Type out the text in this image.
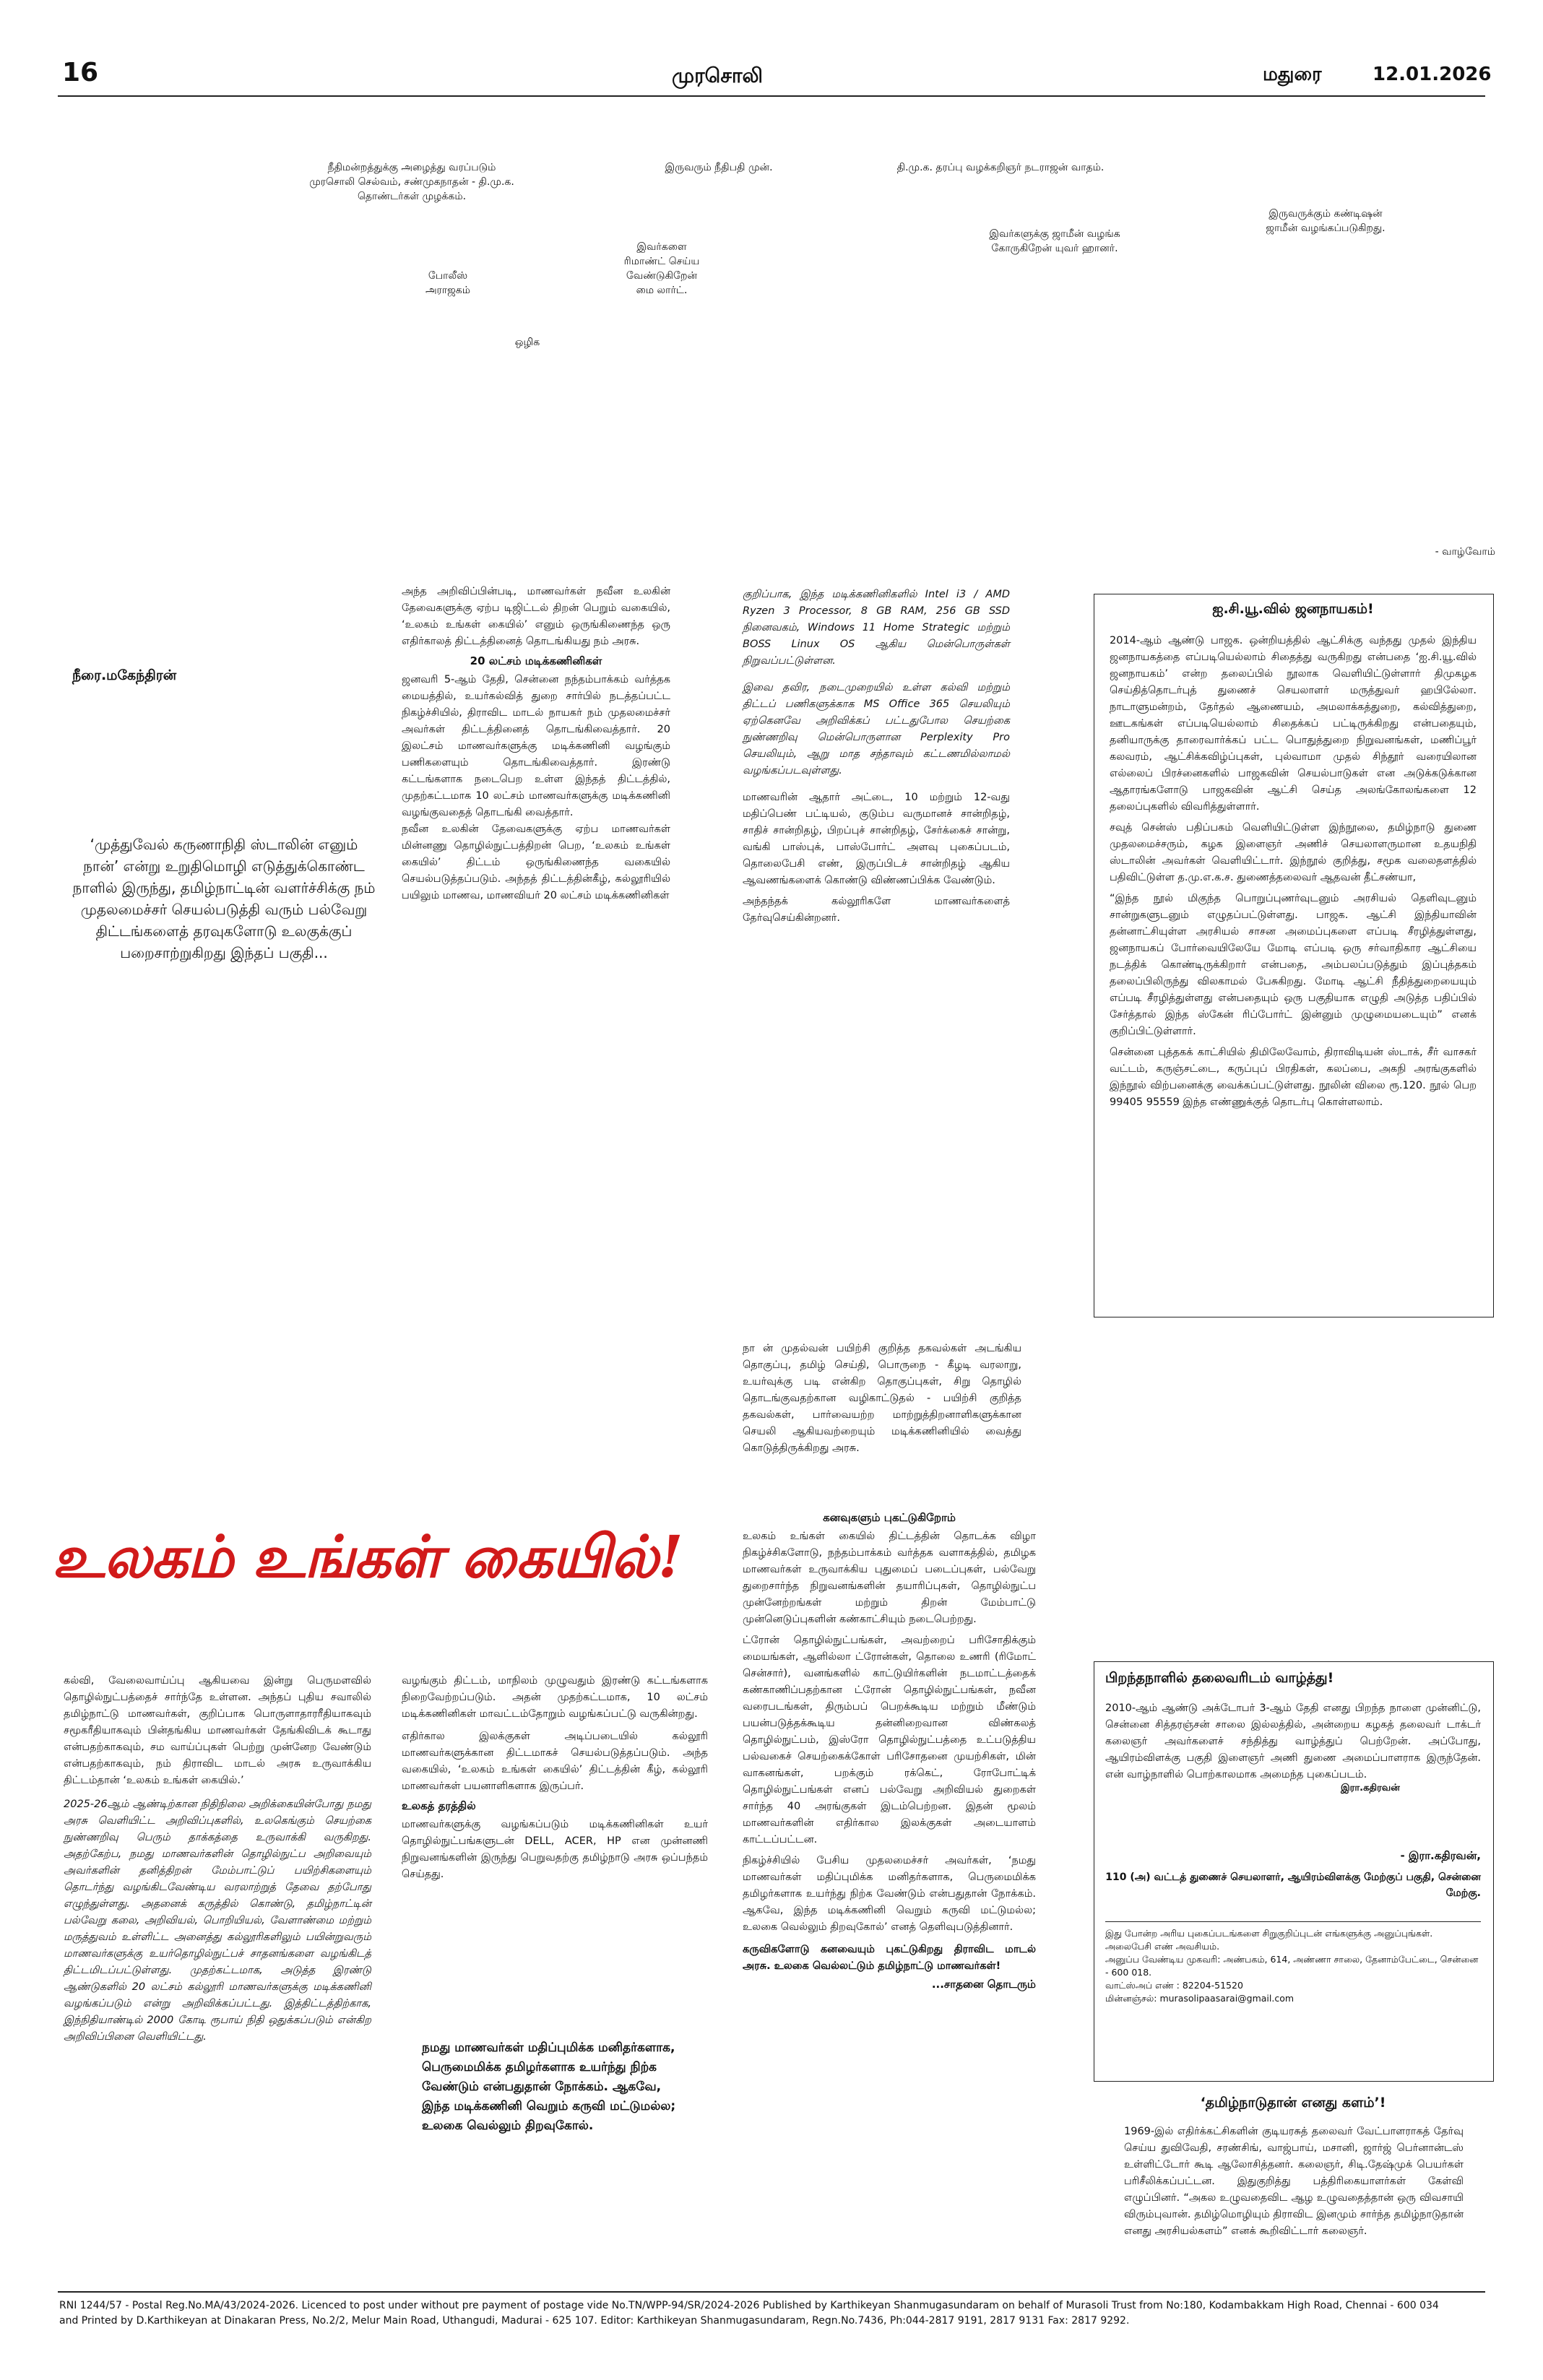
16	முரசொலி	மதுரை	12.01.2026
நீதிமன்றத்துக்கு அழைத்து வரப்படும் முரசொலி செல்வம், சண்முகநாதன் - தி.மு.க. தொண்டர்கள் முழக்கம்.
இருவரும் நீதிபதி முன்.	தி.மு.க. தரப்பு வழக்கறிஞர் நடராஜன் வாதம்.
இருவருக்கும் கண்டிஷன் ஜாமீன் வழங்கப்படுகிறது.
இவர்களுக்கு ஜாமீன் வழங்க கோருகிறேன் யுவர் ஹானர்.
இவர்களை ரிமாண்ட் செய்ய வேண்டுகிறேன் மை லார்ட்.
போலீஸ் அராஜகம்
ஒழிக
- வாழ்வோம்
நீரை.மகேந்திரன்
‘முத்துவேல் கருணாநிதி ஸ்டாலின் எனும் நான்’ என்று உறுதிமொழி எடுத்துக்கொண்ட நாளில் இருந்து, தமிழ்நாட்டின் வளர்ச்சிக்கு நம் முதலமைச்சர் செயல்படுத்தி வரும் பல்வேறு திட்டங்களைத் தரவுகளோடு உலகுக்குப் பறைசாற்றுகிறது இந்தப் பகுதி...
அந்த அறிவிப்பின்படி, மாணவர்கள் நவீன உலகின் தேவைகளுக்கு ஏற்ப டிஜிட்டல் திறன் பெறும் வகையில், ‘உலகம் உங்கள் கையில்’ எனும் ஒருங்கிணைந்த ஒரு எதிர்காலத் திட்டத்தினைத் தொடங்கியது நம் அரசு.
20 லட்சம் மடிக்கணினிகள்
ஜனவரி 5-ஆம் தேதி, சென்னை நந்தம்பாக்கம் வர்த்தக மையத்தில், உயர்கல்வித் துறை சார்பில் நடத்தப்பட்ட நிகழ்ச்சியில், திராவிட மாடல் நாயகர் நம் முதலமைச்சர் அவர்கள் திட்டத்தினைத் தொடங்கிவைத்தார். 20 இலட்சம் மாணவர்களுக்கு மடிக்கணினி வழங்கும் பணிகளையும் தொடங்கிவைத்தார். இரண்டு கட்டங்களாக நடைபெற உள்ள இந்தத் திட்டத்தில், முதற்கட்டமாக 10 லட்சம் மாணவர்களுக்கு மடிக்கணினி வழங்குவதைத் தொடங்கி வைத்தார்.
நவீன உலகின் தேவைகளுக்கு ஏற்ப மாணவர்கள் மின்னணு தொழில்நுட்பத்திறன் பெற, ‘உலகம் உங்கள் கையில்’ திட்டம் ஒருங்கிணைந்த வகையில் செயல்படுத்தப்படும். அந்தத் திட்டத்தின்கீழ், கல்லூரியில் பயிலும் மாணவ, மாணவியர் 20 லட்சம் மடிக்கணினிகள்
குறிப்பாக, இந்த மடிக்கணினிகளில் Intel i3 / AMD Ryzen 3 Processor, 8 GB RAM, 256 GB SSD நினைவகம், Windows 11 Home Strategic மற்றும் BOSS Linux OS ஆகிய மென்பொருள்கள் நிறுவப்பட்டுள்ளன.
இவை தவிர, நடைமுறையில் உள்ள கல்வி மற்றும் திட்டப் பணிகளுக்காக MS Office 365 செயலியும் ஏற்கெனவே அறிவிக்கப் பட்டதுபோல செயற்கை நுண்ணறிவு மென்பொருளான Perplexity Pro செயலியும், ஆறு மாத சந்தாவும் கட்டணமில்லாமல் வழங்கப்படவுள்ளது.
மாணவரின் ஆதார் அட்டை, 10 மற்றும் 12-வது மதிப்பெண் பட்டியல், குடும்ப வருமானச் சான்றிதழ், சாதிச் சான்றிதழ், பிறப்புச் சான்றிதழ், சேர்க்கைச் சான்று, வங்கி பாஸ்புக், பாஸ்போர்ட் அளவு புகைப்படம், தொலைபேசி எண், இருப்பிடச் சான்றிதழ் ஆகிய ஆவணங்களைக் கொண்டு விண்ணப்பிக்க வேண்டும்.
அந்தந்தக் கல்லூரிகளே மாணவர்களைத் தேர்வுசெய்கின்றனர்.
ஐ.சி.யூ.வில் ஜனநாயகம்!
2014-ஆம் ஆண்டு பாஜக. ஒன்றியத்தில் ஆட்சிக்கு வந்தது முதல் இந்திய ஜனநாயகத்தை எப்படியெல்லாம் சிதைத்து வருகிறது என்பதை ‘ஐ.சி.யூ.வில் ஜனநாயகம்’ என்ற தலைப்பில் நூலாக வெளியிட்டுள்ளார் திமுகழக செய்தித்தொடர்புத் துணைச் செயலாளர் மருத்துவர் ஹபிலே்லா. நாடாளுமன்றம், தேர்தல் ஆணையம், அமலாக்கத்துறை, கல்வித்துறை, ஊடகங்கள் எப்படியெல்லாம் சிதைக்கப் பட்டிருக்கிறது என்பதையும், தனியாருக்கு தாரைவார்க்கப் பட்ட பொதுத்துறை நிறுவனங்கள், மணிப்பூர் கலவரம், ஆட்சிக்கவிழ்ப்புகள், புல்வாமா முதல் சிந்தூர் வரையிலான எல்லைப் பிரச்னைகளில் பாஜகவின் செயல்பாடுகள் என அடுக்கடுக்கான ஆதாரங்களோடு பாஜகவின் ஆட்சி செய்த அலங்கோலங்களை 12 தலைப்புகளில் விவரித்துள்ளார்.
சவுத் சென்ஸ் பதிப்பகம் வெளியிட்டுள்ள இந்நூலை, தமிழ்நாடு துணை முதலமைச்சரும், கழக இளைஞர் அணிச் செயலாளருமான உதயநிதி ஸ்டாலின் அவர்கள் வெளியிட்டார். இந்நூல் குறித்து, சமூக வலைதளத்தில் பதிவிட்டுள்ள த.மு.எ.க.ச. துணைத்தலைவர் ஆதவன் தீட்சண்யா,
“இந்த நூல் மிகுந்த பொறுப்புணர்வுடனும் அரசியல் தெளிவுடனும் சான்றுகளுடனும் எழுதப்பட்டுள்ளது. பாஜக. ஆட்சி இந்தியாவின் தன்னாட்சியுள்ள அரசியல் சாசன அமைப்புகளை எப்படி சீரழித்துள்ளது, ஜனநாயகப் போர்வையிலேயே மோடி எப்படி ஒரு சர்வாதிகார ஆட்சியை நடத்திக் கொண்டிருக்கிறார் என்பதை, அம்பலப்படுத்தும் இப்புத்தகம் தலைப்பிலிருந்து விலகாமல் பேசுகிறது. மோடி ஆட்சி நீதித்துறையையும் எப்படி சீரழித்துள்ளது என்பதையும் ஒரு பகுதியாக எழுதி அடுத்த பதிப்பில் சேர்த்தால் இந்த ஸ்கேன் ரிப்போர்ட் இன்னும் முழுமையடையும்” எனக் குறிப்பிட்டுள்ளார்.
சென்னை புத்தகக் காட்சியில் திமிலேவோம், திராவிடியன் ஸ்டாக், சீர் வாசகர் வட்டம், கருஞ்சட்டை, கருப்புப் பிரதிகள், கலப்பை, அகநி அரங்குகளில் இந்நூல் விற்பனைக்கு வைக்கப்பட்டுள்ளது. நூலின் விலை ரூ.120. நூல் பெற 99405 95559 இந்த எண்ணுக்குத் தொடர்பு கொள்ளலாம்.
நா ன் முதல்வன் பயிற்சி குறித்த தகவல்கள் அடங்கிய தொகுப்பு, தமிழ் செய்தி, பொருநை - கீழடி வரலாறு, உயர்வுக்கு படி என்கிற தொகுப்புகள், சிறு தொழில் தொடங்குவதற்கான வழிகாட்டுதல் - பயிற்சி குறித்த தகவல்கள், பார்வையற்ற மாற்றுத்திறனாளிகளுக்கான செயலி ஆகியவற்றையும் மடிக்கணினியில் வைத்து கொடுத்திருக்கிறது அரசு.
உலகம் உங்கள் கையில்!
கல்வி, வேலைவாய்ப்பு ஆகியவை இன்று பெருமளவில் தொழில்நுட்பத்தைச் சார்ந்தே உள்ளன. அந்தப் புதிய சவாலில் தமிழ்நாட்டு மாணவர்கள், குறிப்பாக பொருளாதாரரீதியாகவும் சமூகரீதியாகவும் பின்தங்கிய மாணவர்கள் தேங்கிவிடக் கூடாது என்பதற்காகவும், சம வாய்ப்புகள் பெற்று முன்னேற வேண்டும் என்பதற்காகவும், நம் திராவிட மாடல் அரசு உருவாக்கிய திட்டம்தான் ‘உலகம் உங்கள் கையில்.’
2025-26ஆம் ஆண்டிற்கான நிதிநிலை அறிக்கையின்போது நமது அரசு வெளியிட்ட அறிவிப்புகளில், உலகெங்கும் செயற்கை நுண்ணறிவு பெரும் தாக்கத்தை உருவாக்கி வருகிறது. அதற்கேற்ப, நமது மாணவர்களின் தொழில்நுட்ப அறிவையும் அவர்களின் தனித்திறன் மேம்பாட்டுப் பயிற்சிகளையும் தொடர்ந்து வழங்கிடவேண்டிய வரலாற்றுத் தேவை தற்போது எழுந்துள்ளது. அதனைக் கருத்தில் கொண்டு, தமிழ்நாட்டின் பல்வேறு கலை, அறிவியல், பொறியியல், வேளாண்மை மற்றும் மருத்துவம் உள்ளிட்ட அனைத்து கல்லூரிகளிலும் பயின்றுவரும் மாணவர்களுக்கு உயர்தொழில்நுட்பச் சாதனங்களை வழங்கிடத் திட்டமிடப்பட்டுள்ளது. முதற்கட்டமாக, அடுத்த இரண்டு ஆண்டுகளில் 20 லட்சம் கல்லூரி மாணவர்களுக்கு மடிக்கணினி வழங்கப்படும் என்று அறிவிக்கப்பட்டது. இத்திட்டத்திற்காக, இந்நிதியாண்டில் 2000 கோடி ரூபாய் நிதி ஒதுக்கப்படும் என்கிற அறிவிப்பினை வெளியிட்டது.
வழங்கும் திட்டம், மாநிலம் முழுவதும் இரண்டு கட்டங்களாக நிறைவேற்றப்படும். அதன் முதற்கட்டமாக, 10 லட்சம் மடிக்கணினிகள் மாவட்டம்தோறும் வழங்கப்பட்டு வருகின்றது.
எதிர்கால இலக்குகள் அடிப்படையில் கல்லூரி மாணவர்களுக்கான திட்டமாகச் செயல்படுத்தப்படும். அந்த வகையில், ‘உலகம் உங்கள் கையில்’ திட்டத்தின் கீழ், கல்லூரி மாணவர்கள் பயனாளிகளாக இருப்பர்.
உலகத் தரத்தில்
மாணவர்களுக்கு வழங்கப்படும் மடிக்கணினிகள் உயர் தொழில்நுட்பங்களுடன் DELL, ACER, HP என முன்னணி நிறுவனங்களின் இருந்து பெறுவதற்கு தமிழ்நாடு அரசு ஒப்பந்தம் செய்தது.
நமது மாணவர்கள் மதிப்புமிக்க மனிதர்களாக, பெருமைமிக்க தமிழர்களாக உயர்ந்து நிற்க வேண்டும் என்பதுதான் நோக்கம். ஆகவே, இந்த மடிக்கணினி வெறும் கருவி மட்டுமல்ல; உலகை வெல்லும் திறவுகோல்.
கனவுகளும் புகட்டுகிறோம்
உலகம் உங்கள் கையில் திட்டத்தின் தொடக்க விழா நிகழ்ச்சிகளோடு, நந்தம்பாக்கம் வர்த்தக வளாகத்தில், தமிழக மாணவர்கள் உருவாக்கிய புதுமைப் படைப்புகள், பல்வேறு துறைசார்ந்த நிறுவனங்களின் தயாரிப்புகள், தொழில்நுட்ப முன்னேற்றங்கள் மற்றும் திறன் மேம்பாட்டு முன்னெடுப்புகளின் கண்காட்சியும் நடைபெற்றது.
ட்ரோன் தொழில்நுட்பங்கள், அவற்றைப் பரிசோதிக்கும் மையங்கள், ஆளில்லா ட்ரோன்கள், தொலை உணரி (ரிமோட் சென்சார்), வனங்களில் காட்டுயிர்களின் நடமாட்டத்தைக் கண்காணிப்பதற்கான ட்ரோன் தொழில்நுட்பங்கள், நவீன வரைபடங்கள், திரும்பப் பெறக்கூடிய மற்றும் மீண்டும் பயன்படுத்தக்கூடிய தன்னிறைவான விண்கலத் தொழில்நுட்பம், இஸ்ரோ தொழில்நுட்பத்தை உட்படுத்திய பல்வகைச் செயற்கைக்கோள் பரிசோதனை முயற்சிகள், மின் வாகனங்கள், பறக்கும் ரக்கெட், ரோபோட்டிக் தொழில்நுட்பங்கள் எனப் பல்வேறு அறிவியல் துறைகள் சார்ந்த 40 அரங்குகள் இடம்பெற்றன. இதன் மூலம் மாணவர்களின் எதிர்கால இலக்குகள் அடையாளம் காட்டப்பட்டன.
நிகழ்ச்சியில் பேசிய முதலமைச்சர் அவர்கள், ‘நமது மாணவர்கள் மதிப்புமிக்க மனிதர்களாக, பெருமைமிக்க தமிழர்களாக உயர்ந்து நிற்க வேண்டும் என்பதுதான் நோக்கம். ஆகவே, இந்த மடிக்கணினி வெறும் கருவி மட்டுமல்ல; உலகை வெல்லும் திறவுகோல்’ எனத் தெளிவுபடுத்தினார்.
கருவிகளோடு கனவையும் புகட்டுகிறது திராவிட மாடல் அரசு. உலகை வெல்லட்டும் தமிழ்நாட்டு மாணவர்கள்!
...சாதனை தொடரும்
பிறந்தநாளில் தலைவரிடம் வாழ்த்து!
2010-ஆம் ஆண்டு அக்டோபர் 3-ஆம் தேதி எனது பிறந்த நாளை முன்னிட்டு, சென்னை சித்தரஞ்சன் சாலை இல்லத்தில், அன்றைய கழகத் தலைவர் டாக்டர் கலைஞர் அவர்களைச் சந்தித்து வாழ்த்துப் பெற்றேன். அப்போது, ஆயிரம்விளக்கு பகுதி இளைஞர் அணி துணை அமைப்பாளராக இருந்தேன். என் வாழ்நாளில் பொற்காலமாக அமைந்த புகைப்படம்.
இரா.கதிரவன்
- இரா.கதிரவன்,
110 (அ) வட்டத் துணைச் செயலாளர், ஆயிரம்விளக்கு மேற்குப் பகுதி, சென்னை மேற்கு.
இது போன்ற அரிய புகைப்படங்களை சிறுகுறிப்புடன் எங்களுக்கு அனுப்புங்கள். அலைபேசி எண் அவசியம்.
அனுப்ப வேண்டிய முகவரி: அண்பகம், 614, அண்ணா சாலை, தேனாம்பேட்டை, சென்னை - 600 018.
வாட்ஸ்அப் எண் : 82204-51520
மின்னஞ்சல்: murasolipaasarai@gmail.com
‘தமிழ்நாடுதான் எனது களம்’!
1969-இல் எதிர்க்கட்சிகளின் குடியரசுத் தலைவர் வேட்பாளராகத் தேர்வு செய்ய துவிவேதி, சரண்சிங், வாஜ்பாய், மசானி, ஜார்ஜ் பெர்னான்டஸ் உள்ளிட்டோர் கூடி ஆலோசித்தனர். கலைஞர், சிடி.தேஷ்முக் பெயர்கள் பரிசீலிக்கப்பட்டன. இதுகுறித்து பத்திரிகையாளர்கள் கேள்வி எழுப்பினர். “அகல உழுவதைவிட ஆழ உழுவதைத்தான் ஒரு விவசாயி விரும்புவான். தமிழ்மொழியும் திராவிட இனமும் சார்ந்த தமிழ்நாடுதான் எனது அரசியல்களம்” எனக் கூறிவிட்டார் கலைஞர்.
RNI 1244/57 - Postal Reg.No.MA/43/2024-2026. Licenced to post under without pre payment of postage vide No.TN/WPP-94/SR/2024-2026 Published by Karthikeyan Shanmugasundaram on behalf of Murasoli Trust from No:180, Kodambakkam High Road, Chennai - 600 034
and Printed by D.Karthikeyan at Dinakaran Press, No.2/2, Melur Main Road, Uthangudi, Madurai - 625 107. Editor: Karthikeyan Shanmugasundaram, Regn.No.7436, Ph:044-2817 9191, 2817 9131 Fax: 2817 9292.
